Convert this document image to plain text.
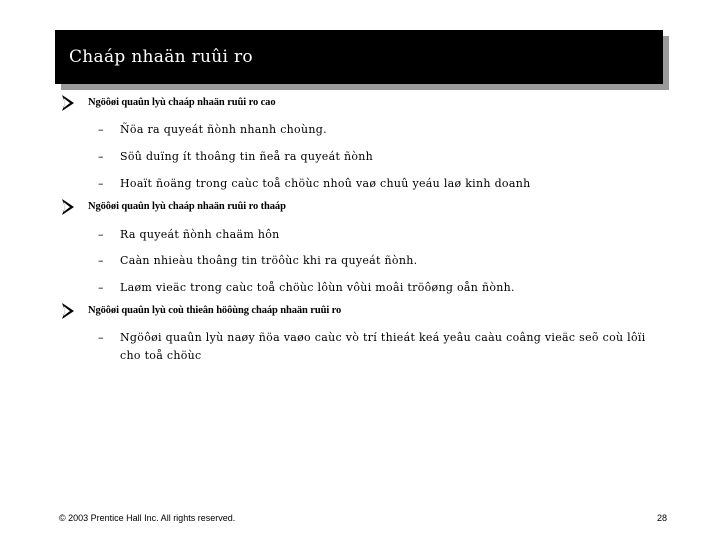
Chaáp nhaän ruûi ro
Ngöôøi quaûn lyù chaáp nhaän ruûi ro cao
–	Ñöa ra quyeát ñònh nhanh choùng.
–	Söû duïng ít thoâng tin ñeå ra quyeát ñònh
–	Hoaït ñoäng trong caùc toå chöùc nhoû vaø chuû yeáu laø kinh doanh
Ngöôøi quaûn lyù chaáp nhaän ruûi ro thaáp
–	Ra quyeát ñònh chaäm hôn
–	Caàn nhieàu thoâng tin tröôùc khi ra quyeát ñònh.
–	Laøm vieäc trong caùc toå chöùc lôùn vôùi moâi tröôøng oån ñònh.
Ngöôøi quaûn lyù coù thieân höôùng chaáp nhaän ruûi ro
–	Ngöôøi quaûn lyù naøy ñöa vaøo caùc vò trí thieát keá yeâu caàu coâng vieäc seõ coù lôïi cho toå chöùc
© 2003 Prentice Hall Inc. All rights reserved.	28
